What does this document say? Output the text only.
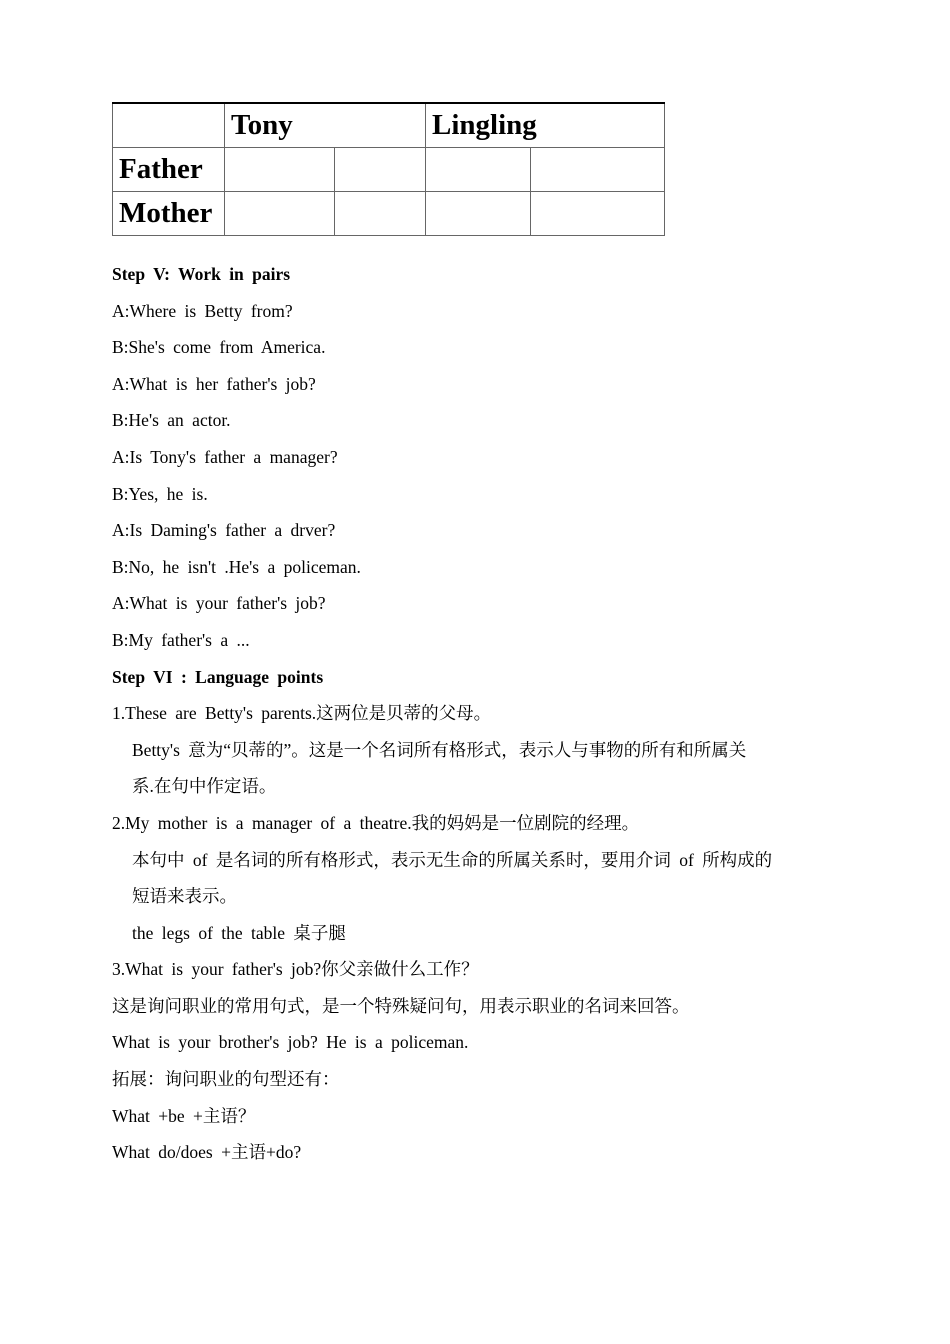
	Tony		Lingling	
Father				
Mother				
Step V: Work in pairs
A:Where is Betty from?
B:She's come from America.
A:What is her father's job?
B:He's an actor.
A:Is Tony's father a manager?
B:Yes, he is.
A:Is Daming's father a drver?
B:No, he isn't .He's a policeman.
A:What is your father's job?
B:My father's a ...
Step VI : Language points
1.These are Betty's parents.这两位是贝蒂的父母。
Betty's 意为“贝蒂的”。这是一个名词所有格形式，表示人与事物的所有和所属关
系.在句中作定语。
2.My mother is a manager of a theatre.我的妈妈是一位剧院的经理。
本句中 of 是名词的所有格形式，表示无生命的所属关系时，要用介词 of 所构成的
短语来表示。
the legs of the table 桌子腿
3.What is your father's job?你父亲做什么工作？
这是询问职业的常用句式，是一个特殊疑问句，用表示职业的名词来回答。
What is your brother's job? He is a policeman.
拓展：询问职业的句型还有：
What +be +主语？
What do/does +主语+do?
